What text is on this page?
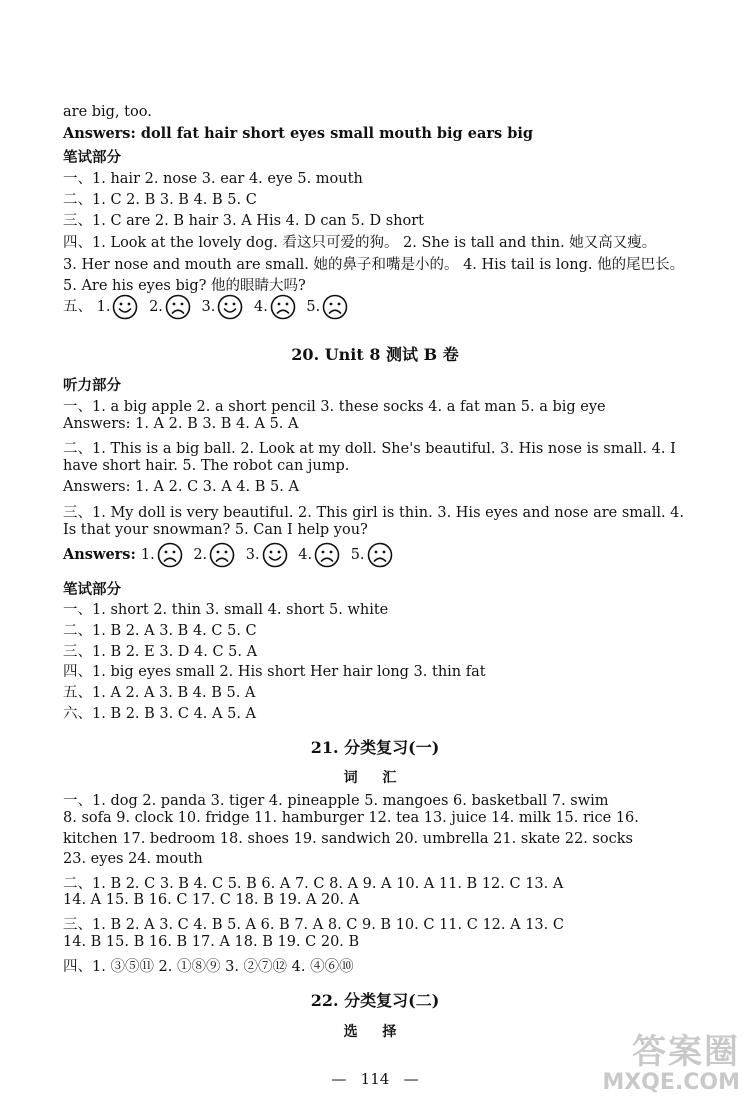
are big, too.
Answers: doll fat hair short eyes small mouth big ears big
笔试部分
一、1. hair 2. nose 3. ear 4. eye 5. mouth
二、1. C 2. B 3. B 4. B 5. C
三、1. C are 2. B hair 3. A His 4. D can 5. D short
四、1. Look at the lovely dog. 看这只可爱的狗。 2. She is tall and thin. 她又高又瘦。
3. Her nose and mouth are small. 她的鼻子和嘴是小的。 4. His tail is long. 他的尾巴长。
5. Are his eyes big? 他的眼睛大吗?
五、 1.	2.	3.	4.	5.
20. Unit 8 测试 B 卷
听力部分
一、1. a big apple 2. a short pencil 3. these socks 4. a fat man 5. a big eye
Answers: 1. A 2. B 3. B 4. A 5. A
二、1. This is a big ball. 2. Look at my doll. She's beautiful. 3. His nose is small. 4. I
have short hair. 5. The robot can jump.
Answers: 1. A 2. C 3. A 4. B 5. A
三、1. My doll is very beautiful. 2. This girl is thin. 3. His eyes and nose are small. 4.
Is that your snowman? 5. Can I help you?
Answers: 1.	2.	3.	4.	5.
笔试部分
一、1. short 2. thin 3. small 4. short 5. white
二、1. B 2. A 3. B 4. C 5. C
三、1. B 2. E 3. D 4. C 5. A
四、1. big eyes small 2. His short Her hair long 3. thin fat
五、1. A 2. A 3. B 4. B 5. A
六、1. B 2. B 3. C 4. A 5. A
21. 分类复习(一)
词 汇
一、1. dog 2. panda 3. tiger 4. pineapple 5. mangoes 6. basketball 7. swim
8. sofa 9. clock 10. fridge 11. hamburger 12. tea 13. juice 14. milk 15. rice 16.
kitchen 17. bedroom 18. shoes 19. sandwich 20. umbrella 21. skate 22. socks
23. eyes 24. mouth
二、1. B 2. C 3. B 4. C 5. B 6. A 7. C 8. A 9. A 10. A 11. B 12. C 13. A
14. A 15. B 16. C 17. C 18. B 19. A 20. A
三、1. B 2. A 3. C 4. B 5. A 6. B 7. A 8. C 9. B 10. C 11. C 12. A 13. C
14. B 15. B 16. B 17. A 18. B 19. C 20. B
四、1. ③⑤⑪ 2. ①⑧⑨ 3. ②⑦⑫ 4. ④⑥⑩
22. 分类复习(二)
选 择
—   114   —
答案圈
MXQE.COM
